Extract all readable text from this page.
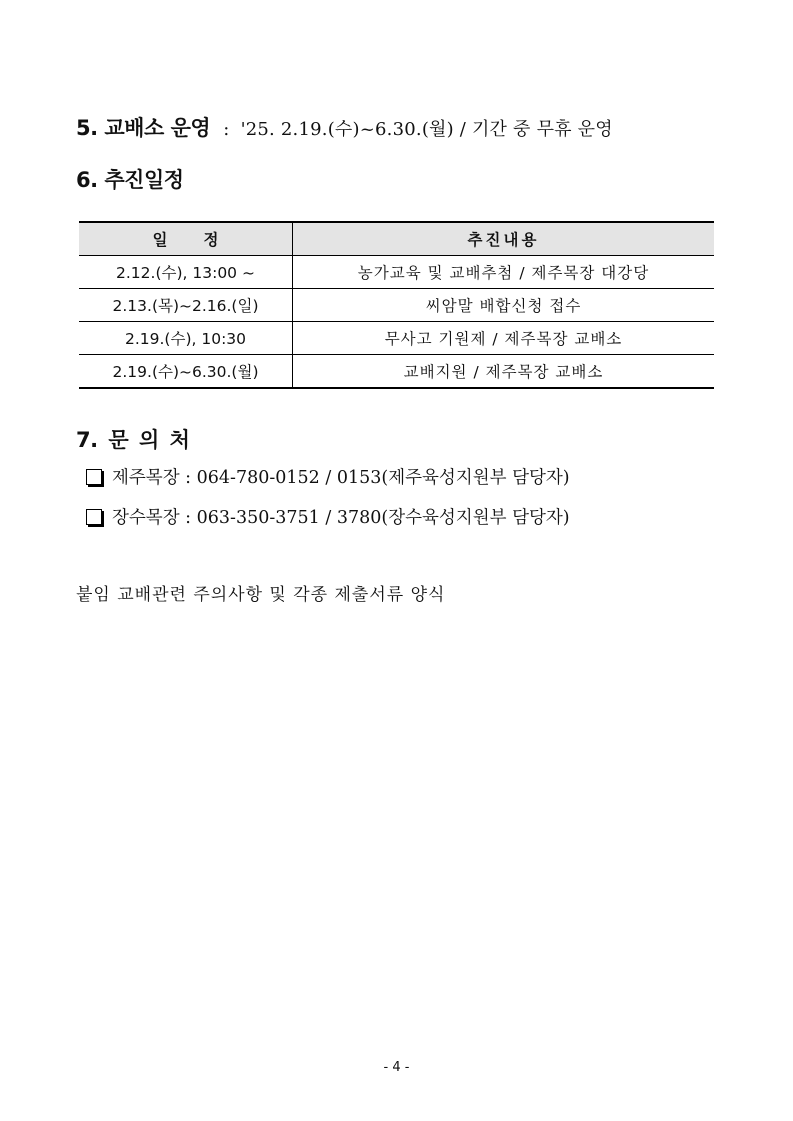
5. 교배소 운영 : '25. 2.19.(수)~6.30.(월) / 기간 중 무휴 운영
6. 추진일정
일정	추진내용
2.12.(수), 13:00 ~	농가교육 및 교배추첨 / 제주목장 대강당
2.13.(목)~2.16.(일)	씨암말 배합신청 접수
2.19.(수), 10:30	무사고 기원제 / 제주목장 교배소
2.19.(수)~6.30.(월)	교배지원 / 제주목장 교배소
7. 문 의 처
제주목장 : 064-780-0152 / 0153(제주육성지원부 담당자)
장수목장 : 063-350-3751 / 3780(장수육성지원부 담당자)
붙임 교배관련 주의사항 및 각종 제출서류 양식
- 4 -
